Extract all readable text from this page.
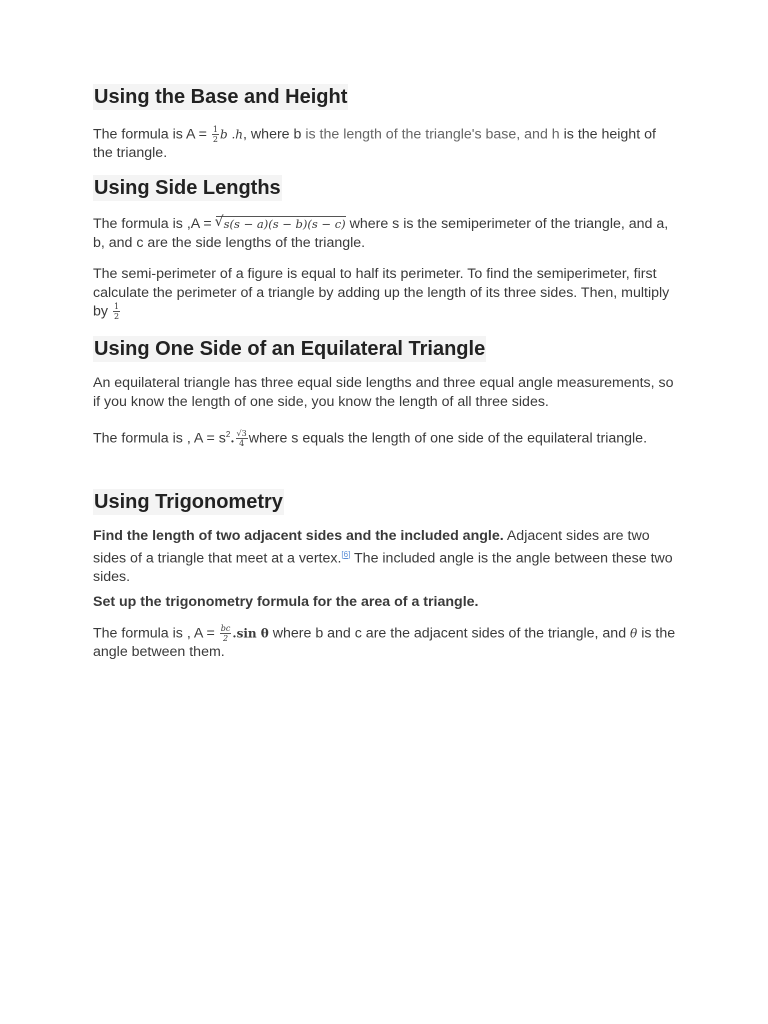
Using the Base and Height

The formula is $A = \frac{1}{2}$ b .h, where b is the length of the triangle's base, and h is the height of the triangle.

Using Side Lengths

The formula is ,A = √ s(s − a)(s − b)(s − c) where s is the semiperimeter of the triangle, and a, b, and c are the side lengths of the triangle.

The semi-perimeter of a figure is equal to half its perimeter. To find the semiperimeter, first calculate the perimeter of a triangle by adding up the length of its three sides. Then, multiply by $\frac{1}{2}$

Using One Side of an Equilateral Triangle

An equilateral triangle has three equal side lengths and three equal angle measurements, so if you know the length of one side, you know the length of all three sides.

The formula is , $A = s^2$. $\frac{√3}{4}$ where s equals the length of one side of the equilateral triangle.

Using Trigonometry

Find the length of two adjacent sides and the included angle. Adjacent sides are two sides of a triangle that meet at a vertex.[6] The included angle is the angle between these two sides.

Set up the trigonometry formula for the area of a triangle.

The formula is , $A = \frac{bc}{2} .\sin$ θ where b and c are the adjacent sides of the triangle, and θ is the angle between them.
